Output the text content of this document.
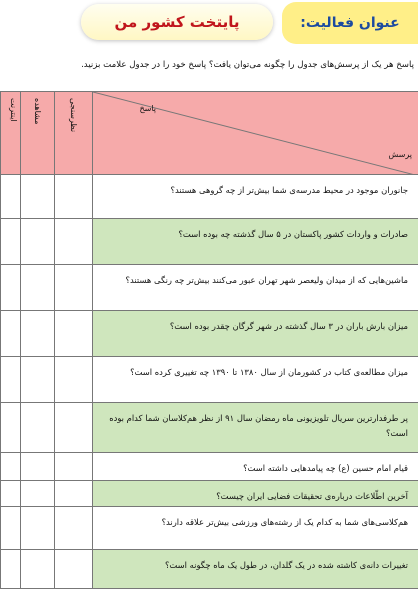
عنوان فعالیت:
پایتخت کشور من
پاسخ هر یک از پرسش‌های جدول را چگونه می‌توان یافت؟ پاسخ خود را در جدول علامت بزنید.
اینترنت مشاهده	نظرسنجی	پاسخ
پرسش
جانوران موجود در محیط مدرسه‌ی شما بیش‌تر از چه گروهی هستند؟
صادرات و واردات کشور پاکستان در ۵ سال گذشته چه بوده است؟
ماشین‌هایی که از میدان ولیعصر شهر تهران عبور می‌کنند بیش‌تر چه رنگی هستند؟
میزان بارش باران در ۳ سال گذشته در شهر گرگان چقدر بوده است؟
میزان مطالعه‌ی کتاب در کشورمان از سال ۱۳۸۰ تا ۱۳۹۰ چه تغییری کرده است؟
پر طرفدارترین سریال تلویزیونی ماه رمضان سال ۹۱ از نظر هم‌کلاسان شما کدام بوده است؟
قیام امام حسین (ع) چه پیامدهایی داشته است؟
آخرین اطّلاعات درباره‌ی تحقیقات فضایی ایران چیست؟
هم‌کلاسی‌های شما به کدام یک از رشته‌های ورزشی بیش‌تر علاقه دارند؟
تغییرات دانه‌ی کاشته شده در یک گلدان، در طول یک ماه چگونه است؟
